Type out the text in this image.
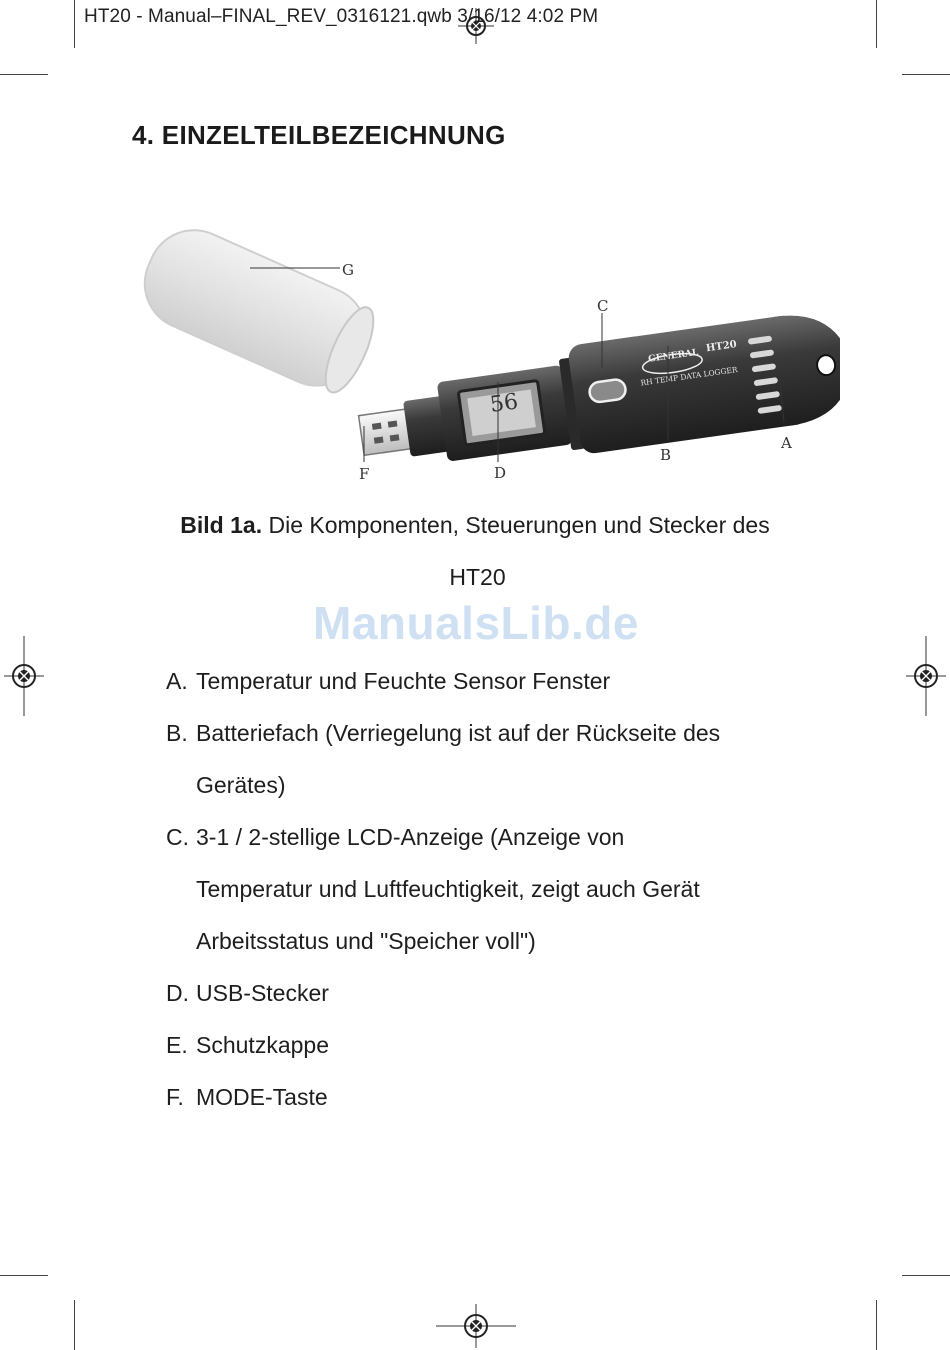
HT20 - Manual–FINAL_REV_0316121.qwb 3/16/12 4:02 PM
4. EINZELTEILBEZEICHNUNG
56
GENERAL
HT20
RH TEMP DATA LOGGER
G
C
A
B
D
F
Bild 1a. Die Komponenten, Steuerungen und Stecker des
HT20
ManualsLib.de
A. Temperatur und Feuchte Sensor Fenster
B. Batteriefach (Verriegelung ist auf der Rückseite des
Gerätes)
C. 3-1 / 2-stellige LCD-Anzeige (Anzeige von
Temperatur und Luftfeuchtigkeit, zeigt auch Gerät
Arbeitsstatus und "Speicher voll")
D. USB-Stecker
E. Schutzkappe
F. MODE-Taste
